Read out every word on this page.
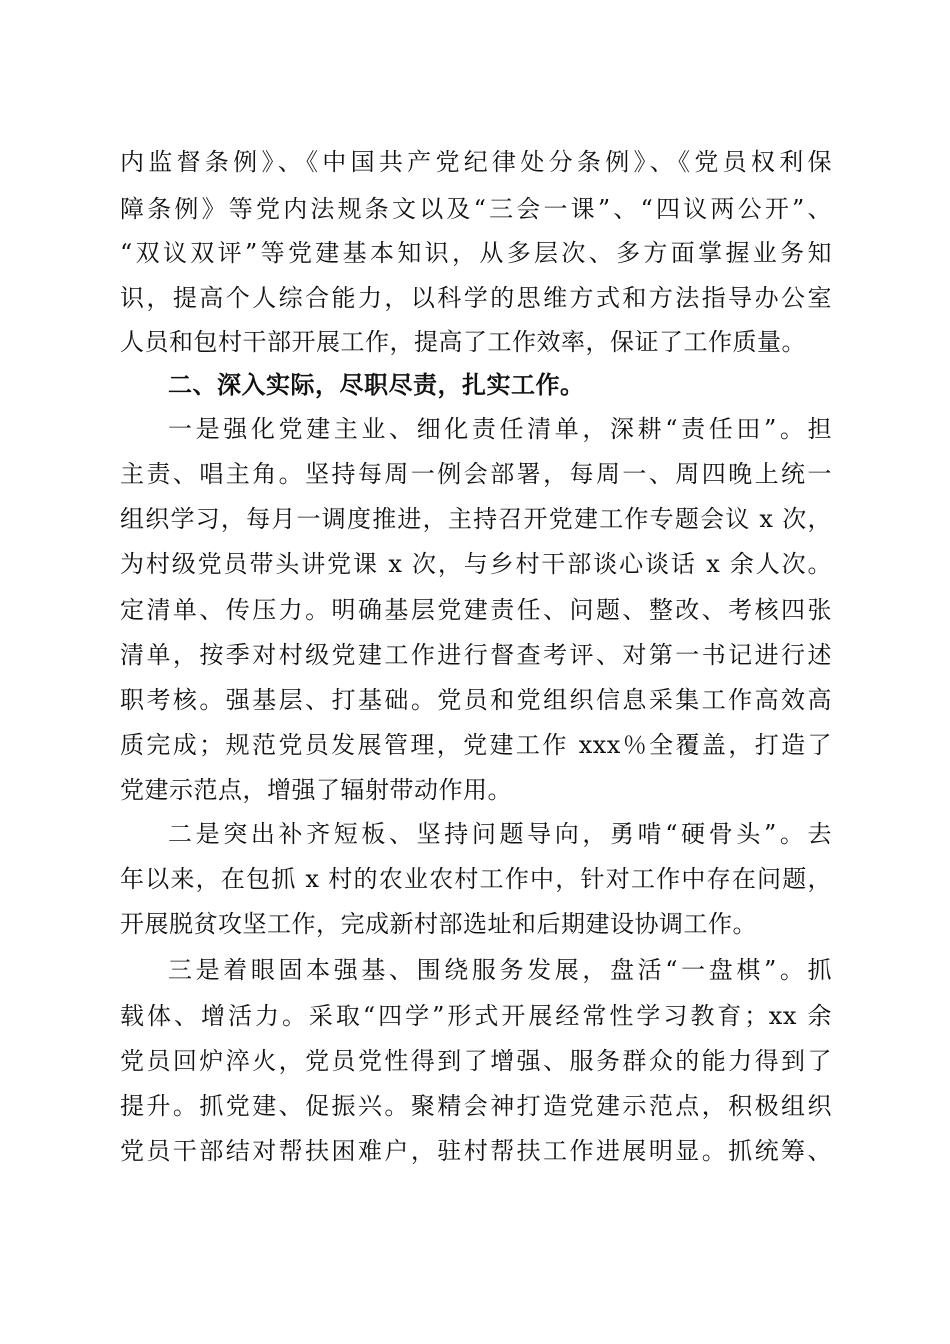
内监督条例》、《中国共产党纪律处分条例》、《党员权利保
障条例》等党内法规条文以及“三会一课”、“四议两公开”、
“双议双评”等党建基本知识，从多层次、多方面掌握业务知
识，提高个人综合能力，以科学的思维方式和方法指导办公室
人员和包村干部开展工作，提高了工作效率，保证了工作质量。
二、深入实际，尽职尽责，扎实工作。
一是强化党建主业、细化责任清单，深耕“责任田”。担
主责、唱主角。坚持每周一例会部署，每周一、周四晚上统一
组织学习，每月一调度推进，主持召开党建工作专题会议 x 次，
为村级党员带头讲党课 x 次，与乡村干部谈心谈话 x 余人次。
定清单、传压力。明确基层党建责任、问题、整改、考核四张
清单，按季对村级党建工作进行督查考评、对第一书记进行述
职考核。强基层、打基础。党员和党组织信息采集工作高效高
质完成；规范党员发展管理，党建工作 xxx％全覆盖，打造了
党建示范点，增强了辐射带动作用。
二是突出补齐短板、坚持问题导向，勇啃“硬骨头”。去
年以来，在包抓 x 村的农业农村工作中，针对工作中存在问题，
开展脱贫攻坚工作，完成新村部选址和后期建设协调工作。
三是着眼固本强基、围绕服务发展，盘活“一盘棋”。抓
载体、增活力。采取“四学”形式开展经常性学习教育；xx 余
党员回炉淬火，党员党性得到了增强、服务群众的能力得到了
提升。抓党建、促振兴。聚精会神打造党建示范点，积极组织
党员干部结对帮扶困难户，驻村帮扶工作进展明显。抓统筹、
